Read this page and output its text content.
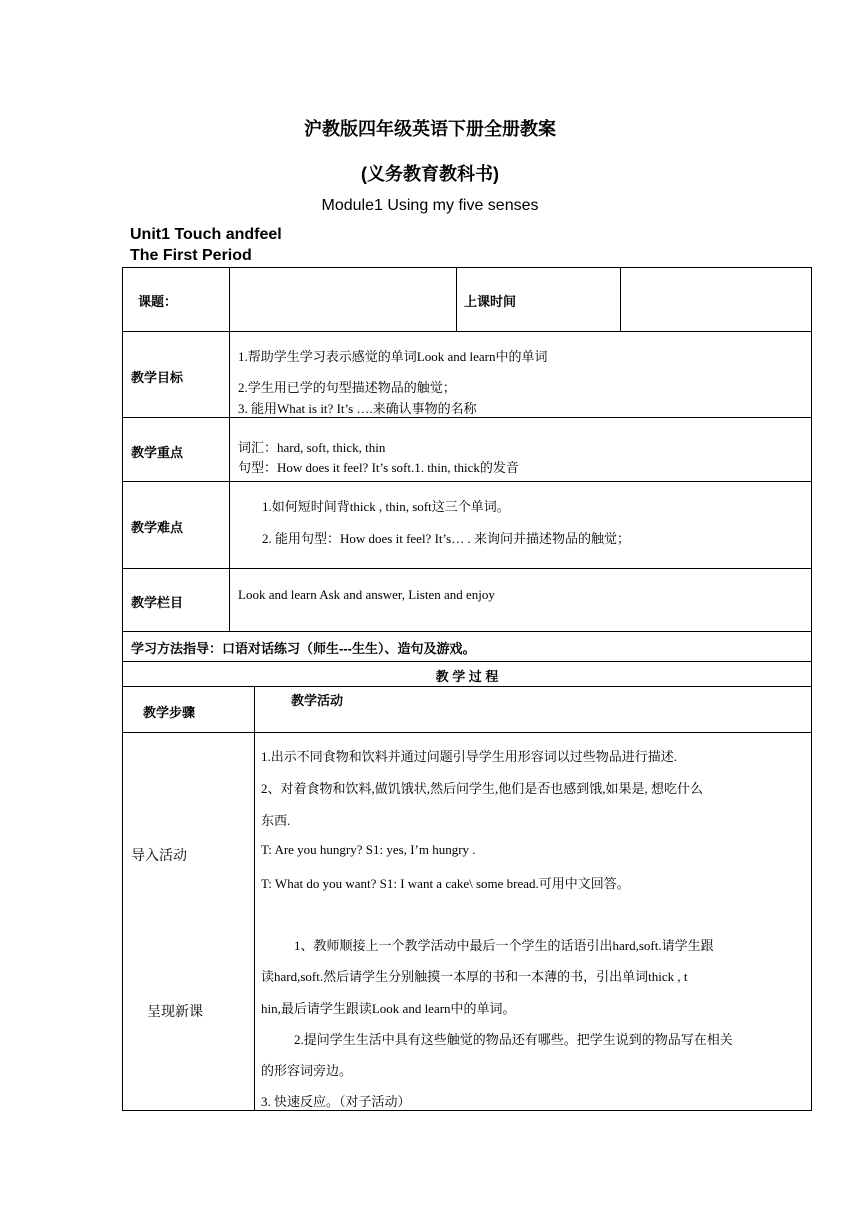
沪教版四年级英语下册全册教案
(义务教育教科书)
Module1 Using my five senses
Unit1 Touch andfeel
The First Period
课题：	上课时间
教学目标
1.帮助学生学习表示感觉的单词Look and learn中的单词
2.学生用已学的句型描述物品的触觉；
3. 能用What is it? It’s ….来确认事物的名称
教学重点	词汇：hard, soft, thick, thin
句型：How does it feel? It’s soft.1. thin, thick的发音
教学难点
1.如何短时间背thick , thin, soft这三个单词。
2. 能用句型：How does it feel? It’s… . 来询问并描述物品的触觉；
教学栏目
Look and learn Ask and answer, Listen and enjoy
学习方法指导：口语对话练习（师生---生生）、造句及游戏。
教 学 过 程
教学步骤
教学活动
导入活动
1.出示不同食物和饮料并通过问题引导学生用形容词以过些物品进行描述.
2、对着食物和饮料,做饥饿状,然后问学生,他们是否也感到饿,如果是, 想吃什么
东西.
T: Are you hungry? S1: yes, I’m hungry .
T: What do you want? S1: I want a cake\ some bread.可用中文回答。
呈现新课
1、教师顺接上一个教学活动中最后一个学生的话语引出hard,soft.请学生跟
读hard,soft.然后请学生分别触摸一本厚的书和一本薄的书，引出单词thick , t
hin,最后请学生跟读Look and learn中的单词。
2.提问学生生活中具有这些触觉的物品还有哪些。把学生说到的物品写在相关
的形容词旁边。
3. 快速反应。（对子活动）
